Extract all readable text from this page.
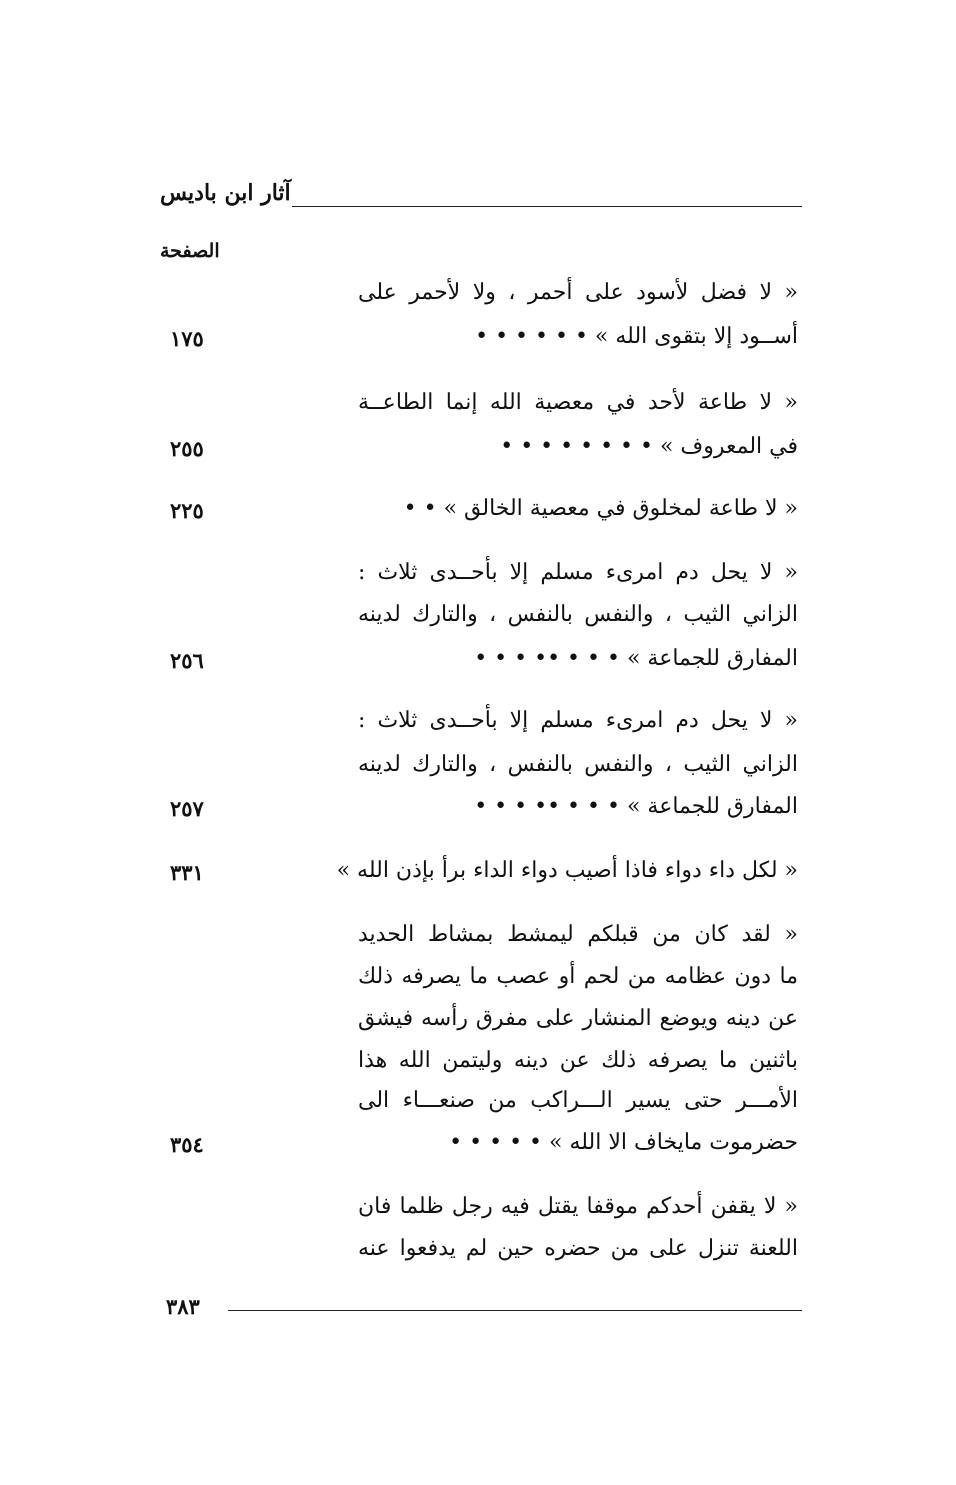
آثار ابن باديس
الصفحة
« لا فضل لأسود على أحمر ، ولا لأحمر على
أســود إلا بتقوى الله » • • • • • •
١٧٥
« لا طاعة لأحد في معصية الله إنما الطاعــة
في المعروف » • • • • • • • •
٢٥٥
« لا طاعة لمخلوق في معصية الخالق » • •
٢٢٥
« لا يحل دم امرىء مسلم إلا بأحــدى ثلاث :
الزاني الثيب ، والنفس بالنفس ، والتارك لدينه
المفارق للجماعة » • • • •• • • •
٢٥٦
« لا يحل دم امرىء مسلم إلا بأحــدى ثلاث :
الزاني الثيب ، والنفس بالنفس ، والتارك لدينه
المفارق للجماعة » • • • •• • • •
٢٥٧
« لكل داء دواء فاذا أصيب دواء الداء برأ بإذن الله »
٣٣١
« لقد كان من قبلكم ليمشط بمشاط الحديد
ما دون عظامه من لحم أو عصب ما يصرفه ذلك
عن دينه ويوضع المنشار على مفرق رأسه فيشق
باثنين ما يصرفه ذلك عن دينه وليتمن الله هذا
الأمـــر حتى يسير الـــراكب من صنعـــاء الى
حضرموت مايخاف الا الله » • • • • •
٣٥٤
« لا يقفن أحدكم موقفا يقتل فيه رجل ظلما فان
اللعنة تنزل على من حضره حين لم يدفعوا عنه
٣٨٣
